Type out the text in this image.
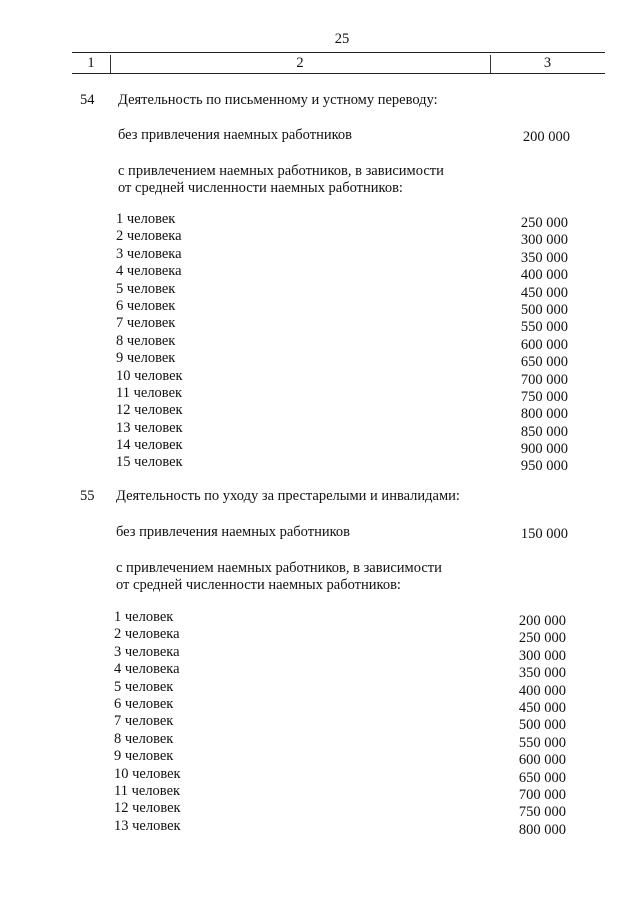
25
1	2	3
54 Деятельность по письменному и устному переводу:
без привлечения наемных работников	200 000
с привлечением наемных работников, в зависимости
от средней численности наемных работников:
1 человек	250 000
2 человека	300 000
3 человека	350 000
4 человека	400 000
5 человек	450 000
6 человек	500 000
7 человек	550 000
8 человек	600 000
9 человек	650 000
10 человек	700 000
11 человек	750 000
12 человек	800 000
13 человек	850 000
14 человек	900 000
15 человек	950 000
55 Деятельность по уходу за престарелыми и инвалидами:
без привлечения наемных работников	150 000
с привлечением наемных работников, в зависимости
от средней численности наемных работников:
1 человек	200 000
2 человека	250 000
3 человека	300 000
4 человека	350 000
5 человек	400 000
6 человек	450 000
7 человек	500 000
8 человек	550 000
9 человек	600 000
10 человек	650 000
11 человек	700 000
12 человек	750 000
13 человек	800 000
